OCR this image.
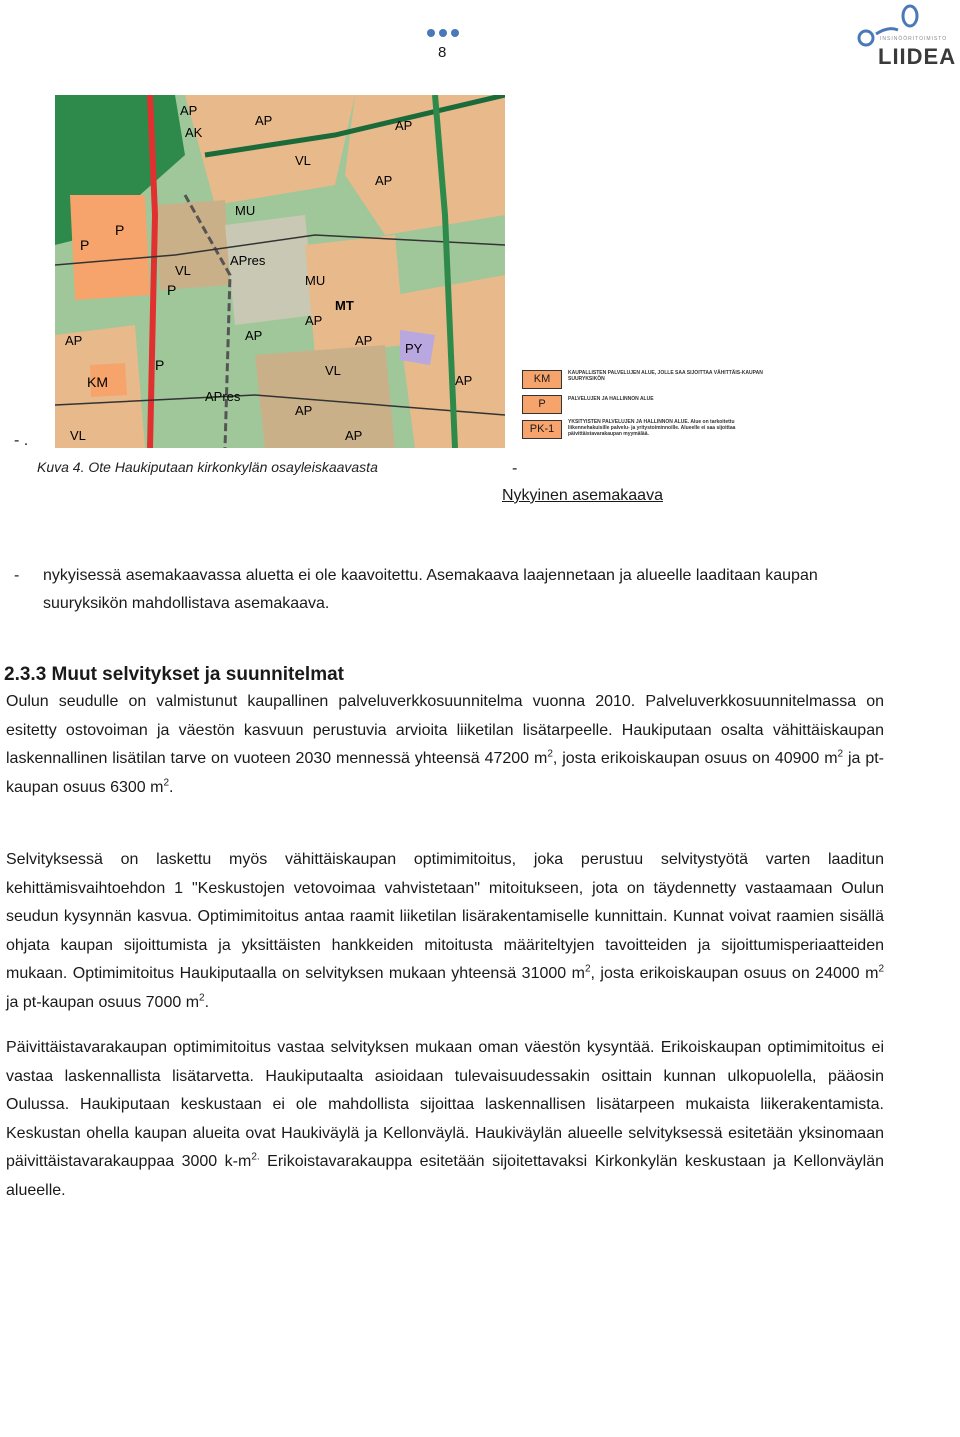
8
INSINÖÖRITOIMISTO
LIIDEA
AP
AK
AP	AP
VL
AP
MU
P
P
APres
MU
VL
P
AP
AP
MT
AP
PY
AP
VL
AP
KM
P
APres
AP
VL	AP
KM	KAUPALLISTEN PALVELUJEN ALUE, JOLLE SAA SIJOITTAA VÄHITTÄIS-KAUPAN SUURYKSIKÖN
P	PALVELUJEN JA HALLINNON ALUE
PK-1
YKSITYISTEN PALVELUJEN JA HALLINNON ALUE. Alue on tarkoitettu liikennehakuisille palvelu- ja yritystoiminnoille. Alueelle ei saa sijoittaa päivittäistavarakaupan myymälää.
- .
Kuva 4. Ote Haukiputaan kirkonkylän osayleiskaavasta	-
Nykyinen asemakaava
- nykyisessä asemakaavassa aluetta ei ole kaavoitettu. Asemakaava laajennetaan ja alueelle laaditaan kaupan suuryksikön mahdollistava asemakaava.
2.3.3 Muut selvitykset ja suunnitelmat
Oulun seudulle on valmistunut kaupallinen palveluverkkosuunnitelma vuonna 2010. Palveluverkkosuunnitelmassa on esitetty ostovoiman ja väestön kasvuun perustuvia arvioita liiketilan lisätarpeelle. Haukiputaan osalta vähittäiskaupan laskennallinen lisätilan tarve on vuoteen 2030 mennessä yhteensä 47200 $m^2$, josta erikoiskaupan osuus on 40900 $m^2$ ja pt-kaupan osuus 6300 $m^2$.
Selvityksessä on laskettu myös vähittäiskaupan optimimitoitus, joka perustuu selvitystyötä varten laaditun kehittämisvaihtoehdon 1 "Keskustojen vetovoimaa vahvistetaan" mitoitukseen, jota on täydennetty vastaamaan Oulun seudun kysynnän kasvua. Optimimitoitus antaa raamit liiketilan lisärakentamiselle kunnittain. Kunnat voivat raamien sisällä ohjata kaupan sijoittumista ja yksittäisten hankkeiden mitoitusta määriteltyjen tavoitteiden ja sijoittumisperiaatteiden mukaan. Optimimitoitus Haukiputaalla on selvityksen mukaan yhteensä 31000 $m^2$, josta erikoiskaupan osuus on 24000 $m^2$ ja pt-kaupan osuus 7000 $m^2$.
Päivittäistavarakaupan optimimitoitus vastaa selvityksen mukaan oman väestön kysyntää. Erikoiskaupan optimimitoitus ei vastaa laskennallista lisätarvetta. Haukiputaalta asioidaan tulevaisuudessakin osittain kunnan ulkopuolella, pääosin Oulussa. Haukiputaan keskustaan ei ole mahdollista sijoittaa laskennallisen lisätarpeen mukaista liikerakentamista. Keskustan ohella kaupan alueita ovat Haukiväylä ja Kellonväylä. Haukiväylän alueelle selvityksessä esitetään yksinomaan päivittäistavarakauppaa 3000 $k-m^{2.}$ Erikoistavarakauppa esitetään sijoitettavaksi Kirkonkylän keskustaan ja Kellonväylän alueelle.
